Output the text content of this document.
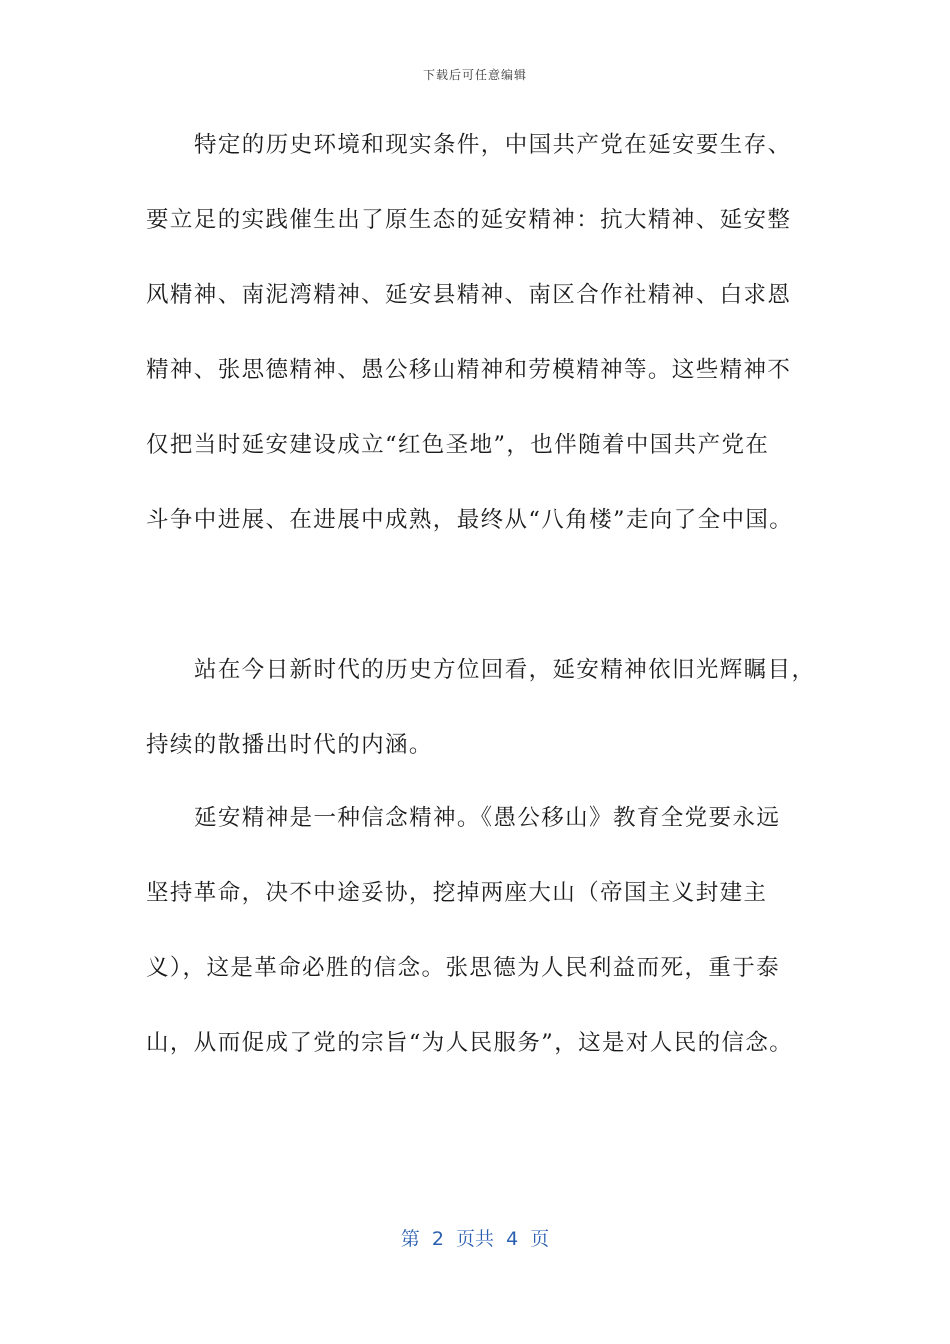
下载后可任意编辑
特定的历史环境和现实条件，中国共产党在延安要生存、
要立足的实践催生出了原生态的延安精神：抗大精神、延安整
风精神、南泥湾精神、延安县精神、南区合作社精神、白求恩
精神、张思德精神、愚公移山精神和劳模精神等。这些精神不
仅把当时延安建设成立“红色圣地”，也伴随着中国共产党在
斗争中进展、在进展中成熟，最终从“八角楼”走向了全中国。
站在今日新时代的历史方位回看，延安精神依旧光辉瞩目，
持续的散播出时代的内涵。
延安精神是一种信念精神。《愚公移山》教育全党要永远
坚持革命，决不中途妥协，挖掉两座大山（帝国主义封建主
义），这是革命必胜的信念。张思德为人民利益而死，重于泰
山，从而促成了党的宗旨“为人民服务”，这是对人民的信念。
第  2  页共  4  页
